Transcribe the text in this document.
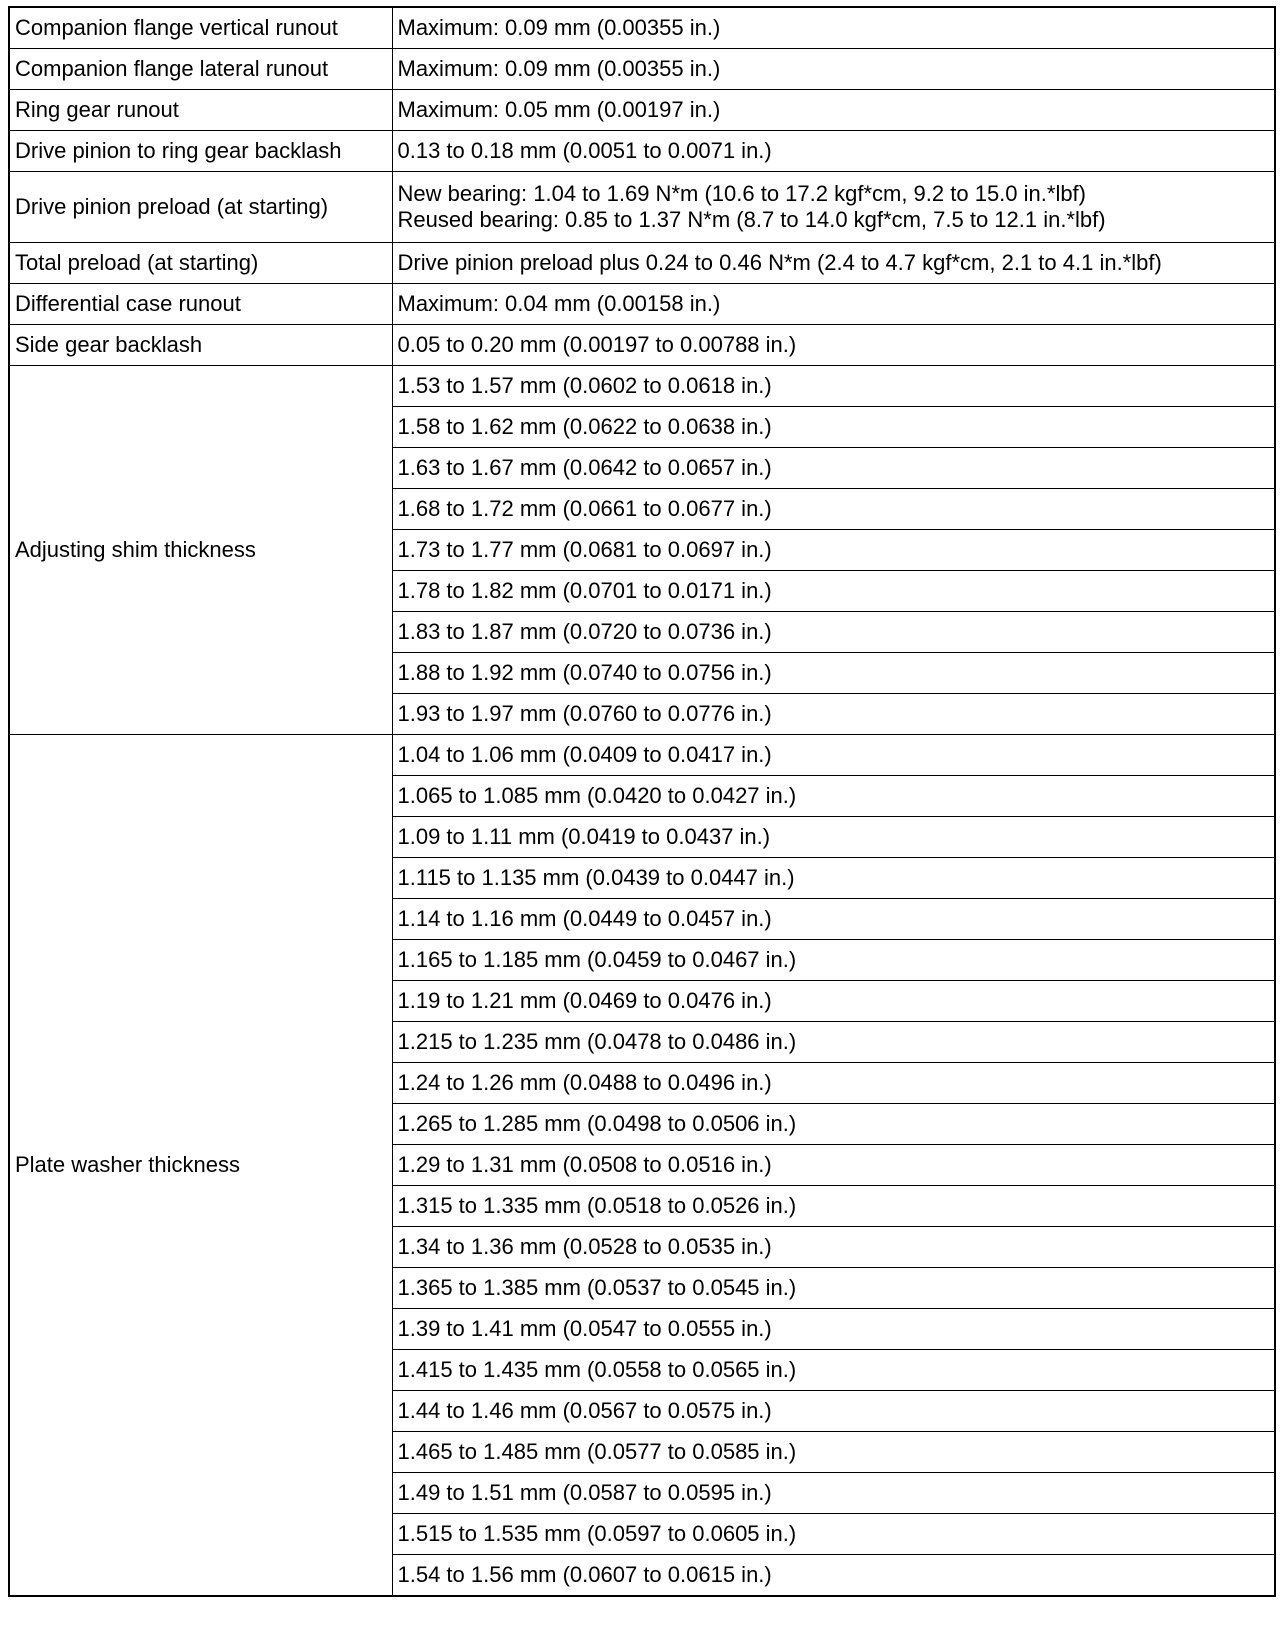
Companion flange vertical runout	Maximum: 0.09 mm (0.00355 in.)
Companion flange lateral runout	Maximum: 0.09 mm (0.00355 in.)
Ring gear runout	Maximum: 0.05 mm (0.00197 in.)
Drive pinion to ring gear backlash	0.13 to 0.18 mm (0.0051 to 0.0071 in.)
Drive pinion preload (at starting)	New bearing: 1.04 to 1.69 N*m (10.6 to 17.2 kgf*cm, 9.2 to 15.0 in.*lbf)
Reused bearing: 0.85 to 1.37 N*m (8.7 to 14.0 kgf*cm, 7.5 to 12.1 in.*lbf)

Total preload (at starting)	Drive pinion preload plus 0.24 to 0.46 N*m (2.4 to 4.7 kgf*cm, 2.1 to 4.1 in.*lbf)
Differential case runout	Maximum: 0.04 mm (0.00158 in.)
Side gear backlash	0.05 to 0.20 mm (0.00197 to 0.00788 in.)
Adjusting shim thickness	1.53 to 1.57 mm (0.0602 to 0.0618 in.)
	1.58 to 1.62 mm (0.0622 to 0.0638 in.)
	1.63 to 1.67 mm (0.0642 to 0.0657 in.)
	1.68 to 1.72 mm (0.0661 to 0.0677 in.)
	1.73 to 1.77 mm (0.0681 to 0.0697 in.)
	1.78 to 1.82 mm (0.0701 to 0.0171 in.)
	1.83 to 1.87 mm (0.0720 to 0.0736 in.)
	1.88 to 1.92 mm (0.0740 to 0.0756 in.)
	1.93 to 1.97 mm (0.0760 to 0.0776 in.)
Plate washer thickness	1.04 to 1.06 mm (0.0409 to 0.0417 in.)
	1.065 to 1.085 mm (0.0420 to 0.0427 in.)
	1.09 to 1.11 mm (0.0419 to 0.0437 in.)
	1.115 to 1.135 mm (0.0439 to 0.0447 in.)
	1.14 to 1.16 mm (0.0449 to 0.0457 in.)
	1.165 to 1.185 mm (0.0459 to 0.0467 in.)
	1.19 to 1.21 mm (0.0469 to 0.0476 in.)
	1.215 to 1.235 mm (0.0478 to 0.0486 in.)
	1.24 to 1.26 mm (0.0488 to 0.0496 in.)
	1.265 to 1.285 mm (0.0498 to 0.0506 in.)
	1.29 to 1.31 mm (0.0508 to 0.0516 in.)
	1.315 to 1.335 mm (0.0518 to 0.0526 in.)
	1.34 to 1.36 mm (0.0528 to 0.0535 in.)
	1.365 to 1.385 mm (0.0537 to 0.0545 in.)
	1.39 to 1.41 mm (0.0547 to 0.0555 in.)
	1.415 to 1.435 mm (0.0558 to 0.0565 in.)
	1.44 to 1.46 mm (0.0567 to 0.0575 in.)
	1.465 to 1.485 mm (0.0577 to 0.0585 in.)
	1.49 to 1.51 mm (0.0587 to 0.0595 in.)
	1.515 to 1.535 mm (0.0597 to 0.0605 in.)
	1.54 to 1.56 mm (0.0607 to 0.0615 in.)
